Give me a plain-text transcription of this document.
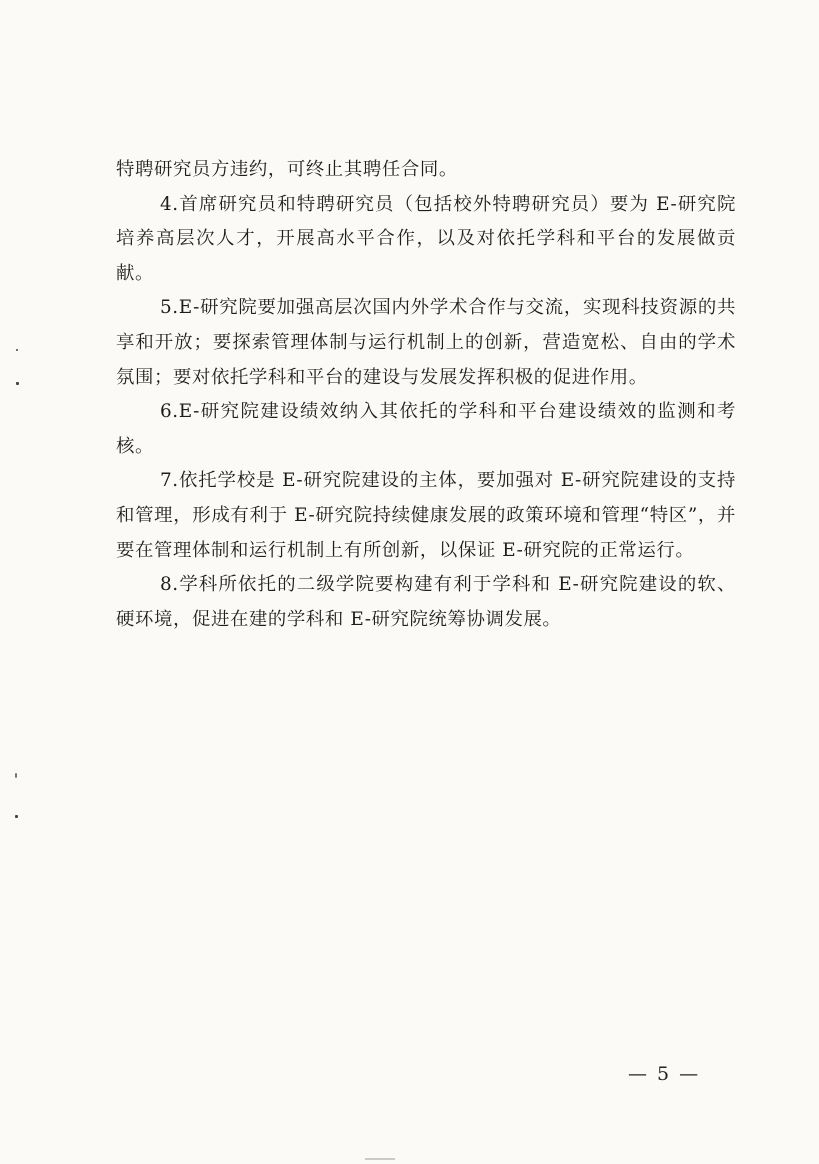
特聘研究员方违约，可终止其聘任合同。

4.首席研究员和特聘研究员（包括校外特聘研究员）要为 E-研究院培养高层次人才，开展高水平合作，以及对依托学科和平台的发展做贡献。

5.E-研究院要加强高层次国内外学术合作与交流，实现科技资源的共享和开放；要探索管理体制与运行机制上的创新，营造宽松、自由的学术氛围；要对依托学科和平台的建设与发展发挥积极的促进作用。

6.E-研究院建设绩效纳入其依托的学科和平台建设绩效的监测和考核。

7.依托学校是 E-研究院建设的主体，要加强对 E-研究院建设的支持和管理，形成有利于 E-研究院持续健康发展的政策环境和管理“特区”，并要在管理体制和运行机制上有所创新，以保证 E-研究院的正常运行。

8.学科所依托的二级学院要构建有利于学科和 E-研究院建设的软、硬环境，促进在建的学科和 E-研究院统筹协调发展。

— 5 —
